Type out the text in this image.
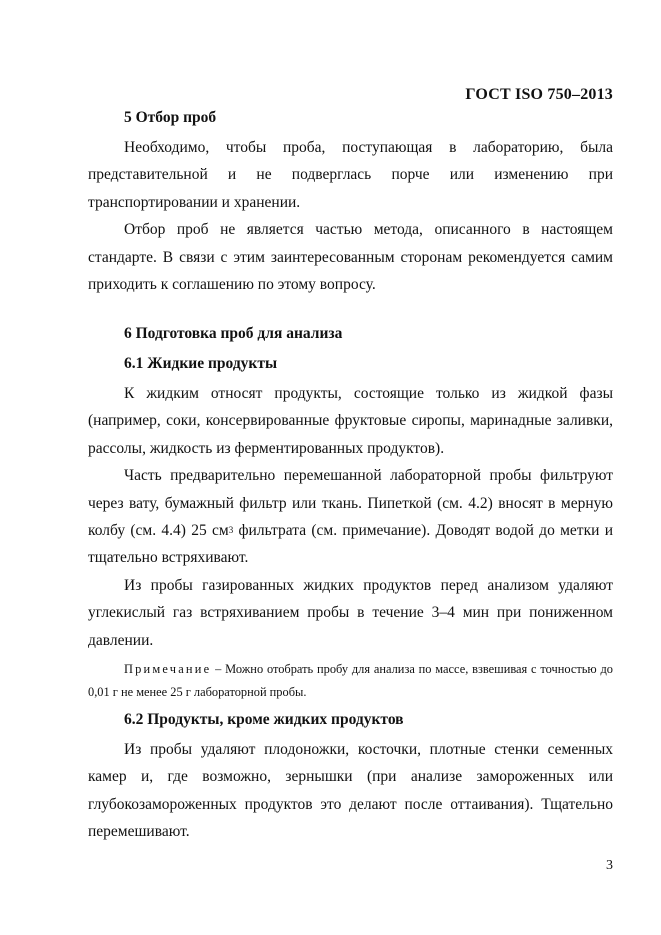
ГОСТ ISO 750–2013
5 Отбор проб

Необходимо, чтобы проба, поступающая в лабораторию, была представительной и не подверглась порче или изменению при транспортировании и хранении.

Отбор проб не является частью метода, описанного в настоящем стандарте. В связи с этим заинтересованным сторонам рекомендуется самим приходить к соглашению по этому вопросу.

6 Подготовка проб для анализа
6.1 Жидкие продукты

К жидким относят продукты, состоящие только из жидкой фазы (например, соки, консервированные фруктовые сиропы, маринадные заливки, рассолы, жидкость из ферментированных продуктов).

Часть предварительно перемешанной лабораторной пробы фильтруют через вату, бумажный фильтр или ткань. Пипеткой (см. 4.2) вносят в мерную колбу (см. 4.4) 25 $см^3$ фильтрата (см. примечание). Доводят водой до метки и тщательно встряхивают.

Из пробы газированных жидких продуктов перед анализом удаляют углекислый газ встряхиванием пробы в течение 3–4 мин при пониженном давлении.

Примечание – Можно отобрать пробу для анализа по массе, взвешивая с точностью до 0,01 г не менее 25 г лабораторной пробы.

6.2 Продукты, кроме жидких продуктов

Из пробы удаляют плодоножки, косточки, плотные стенки семенных камер и, где возможно, зернышки (при анализе замороженных или глубокозамороженных продуктов это делают после оттаивания). Тщательно перемешивают.

3
